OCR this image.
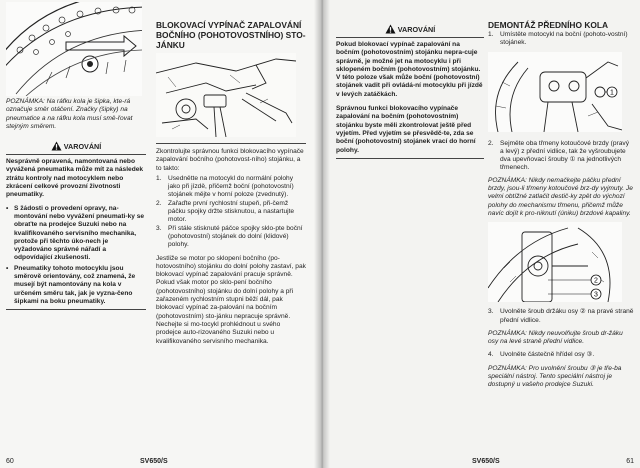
POZNÁMKA: Na ráfku kola je šipka, kte-rá označuje směr otáčení. Značky (šipky) na pneumatice a na ráfku kola musí smě-řovat stejným směrem.

VAROVÁNÍ

Nesprávně opravená, namontovaná nebo vyvážená pneumatika může mít za následek ztrátu kontroly nad motocyklem nebo zkrácení celkové provozní životnosti pneumatiky.

• S žádosti o provedení opravy, na-montování nebo vyvážení pneumati-ky se obraťte na prodejce Suzuki nebo na kvalifikovaného servisního mechanika, protože při těchto úko-nech je vyžadováno správné nářadí a odpovídající zkušenosti.
• Pneumatiky tohoto motocyklu jsou směrově orientovány, což znamená, že musejí být namontovány na kola v určeném směru tak, jak je vyzna-čeno šipkami na boku pneumatiky.

BLOKOVACÍ VYPÍNAČ ZAPALOVÁNÍ BOČNÍHO (POHOTOVOSTNÍHO) STO-JÁNKU

Zkontrolujte správnou funkci blokovacího vypínače zapalování bočního (pohotovost-ního) stojánku, a to takto:

1. Usednětte na motocykl do normální polohy jako při jízdě, přičemž boční (pohotovostní) stojánek mějte v horní poloze (zvednutý).
2. Zařaďte první rychlostní stupeň, při-čemž páčku spojky držte stisknutou, a nastartujte motor.
3. Při stále stisknuté páčce spojky sklo-pte boční (pohotovostní) stojánek do dolní (klidové) polohy.

Jestliže se motor po sklopení bočního (po-hotovostního) stojánku do dolní polohy zastaví, pak blokovací vypínač zapalování pracuje správně. Pokud však motor po sklo-pení bočního (pohotovostního) stojánku do dolní polohy a při zařazeném rychlostním stupni běží dál, pak blokovací vypínač za-palování na bočním (pohotovostním) sto-jánku nepracuje správně. Nechejte si mo-tocykl prohlédnout u svého prodejce auto-rizovaného Suzuki nebo u kvalifikovaného servisního mechanika.

60	SV650/S
VAROVÁNÍ

Pokud blokovací vypínač zapalování na bočním (pohotovostním) stojánku nepra-cuje správně, je možné jet na motocyklu i při sklopeném bočním (pohotovostním) stojánku. V této poloze však může boční (pohotovostní) stojánek vadit při ovládá-ní motocyklu při jízdě v levých zatáčkách.

Správnou funkci blokovacího vypínače zapalování na bočním (pohotovostním) stojánku byste měli zkontrolovat ještě před vyjetím. Před vyjetím se přesvědč-te, zda se boční (pohotovostní) stojánek vrací do horní polohy.

DEMONTÁŽ PŘEDNÍHO KOLA

1. Umístěte motocykl na boční (pohoto-vostní) stojánek.
1
2. Sejměte oba třmeny kotoučové brzdy (pravý a levý) z přední vidlice, tak že vyšroubujete dva upevňovací šrouby ① na jednotlivých třmenech.

POZNÁMKA: Nikdy nemačkejte páčku přední brzdy, jsou-li třmeny kotoučové brz-dy vyjmuty. Je velmi obtížné zatlačit destič-ky zpět do výchozí polohy do mechanismu třmenu, přičemž může navíc dojít k pro-niknutí (úniku) brzdové kapaliny.

2
3
3. Uvolněte šroub držáku osy ② na pravé straně přední vidlice.

POZNÁMKA: Nikdy neuvolňujte šroub dr-žáku osy na levé straně přední vidlice.

4. Uvolněte částečně hřídel osy ③.

POZNÁMKA: Pro uvolnění šroubu ③ je tře-ba speciální nástroj. Tento speciální nástroj je dostupný u vašeho prodejce Suzuki.

SV650/S	61
